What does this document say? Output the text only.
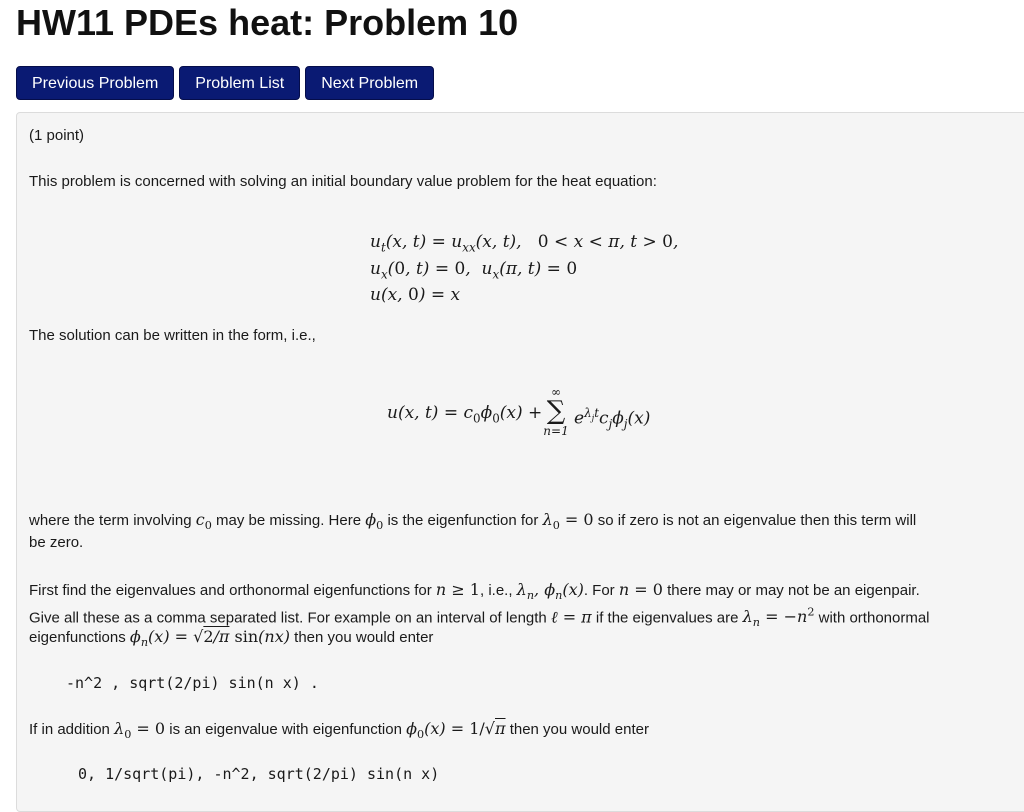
HW11 PDEs heat: Problem 10
Previous Problem	Problem List	Next Problem

(1 point)

This problem is concerned with solving an initial boundary value problem for the heat equation:

$u_t(x$, $t) = u_{xx}(x$, t),   0 < x < π, t > 0,
$u_x(0$, t) = 0,  $u_x(\pi$, t) = 0
u(x, 0) = x

The solution can be written in the form, i.e.,

u(x, $t) = c_0\phi_0(x)$ +
∞
∑
n=1
$e^{\lambda_jt}c_j\phi_j(x)$

where the term involving $c_0$ may be missing. Here $\phi_0$ is the eigenfunction for $\lambda_0 = 0$ so if zero is not an eigenvalue then this term will

be zero.

First find the eigenvalues and orthonormal eigenfunctions for n ≥ 1, i.e., $\lambda_n$, $\phi_n(x)$. For n = 0 there may or may not be an eigenpair.

Give all these as a comma separated list. For example on an interval of length ℓ = π if the eigenvalues are $\lambda_n = -n^2$ with orthonormal

eigenfunctions $\phi_n(x) = √2/\pi$ sin(nx) then you would enter

-n^2 , sqrt(2/pi) sin(n x) .

If in addition $\lambda_0 = 0$ is an eigenvalue with eigenfunction $\phi_0(x) = 1/√\pi$ then you would enter

0, 1/sqrt(pi), -n^2, sqrt(2/pi) sin(n x)
